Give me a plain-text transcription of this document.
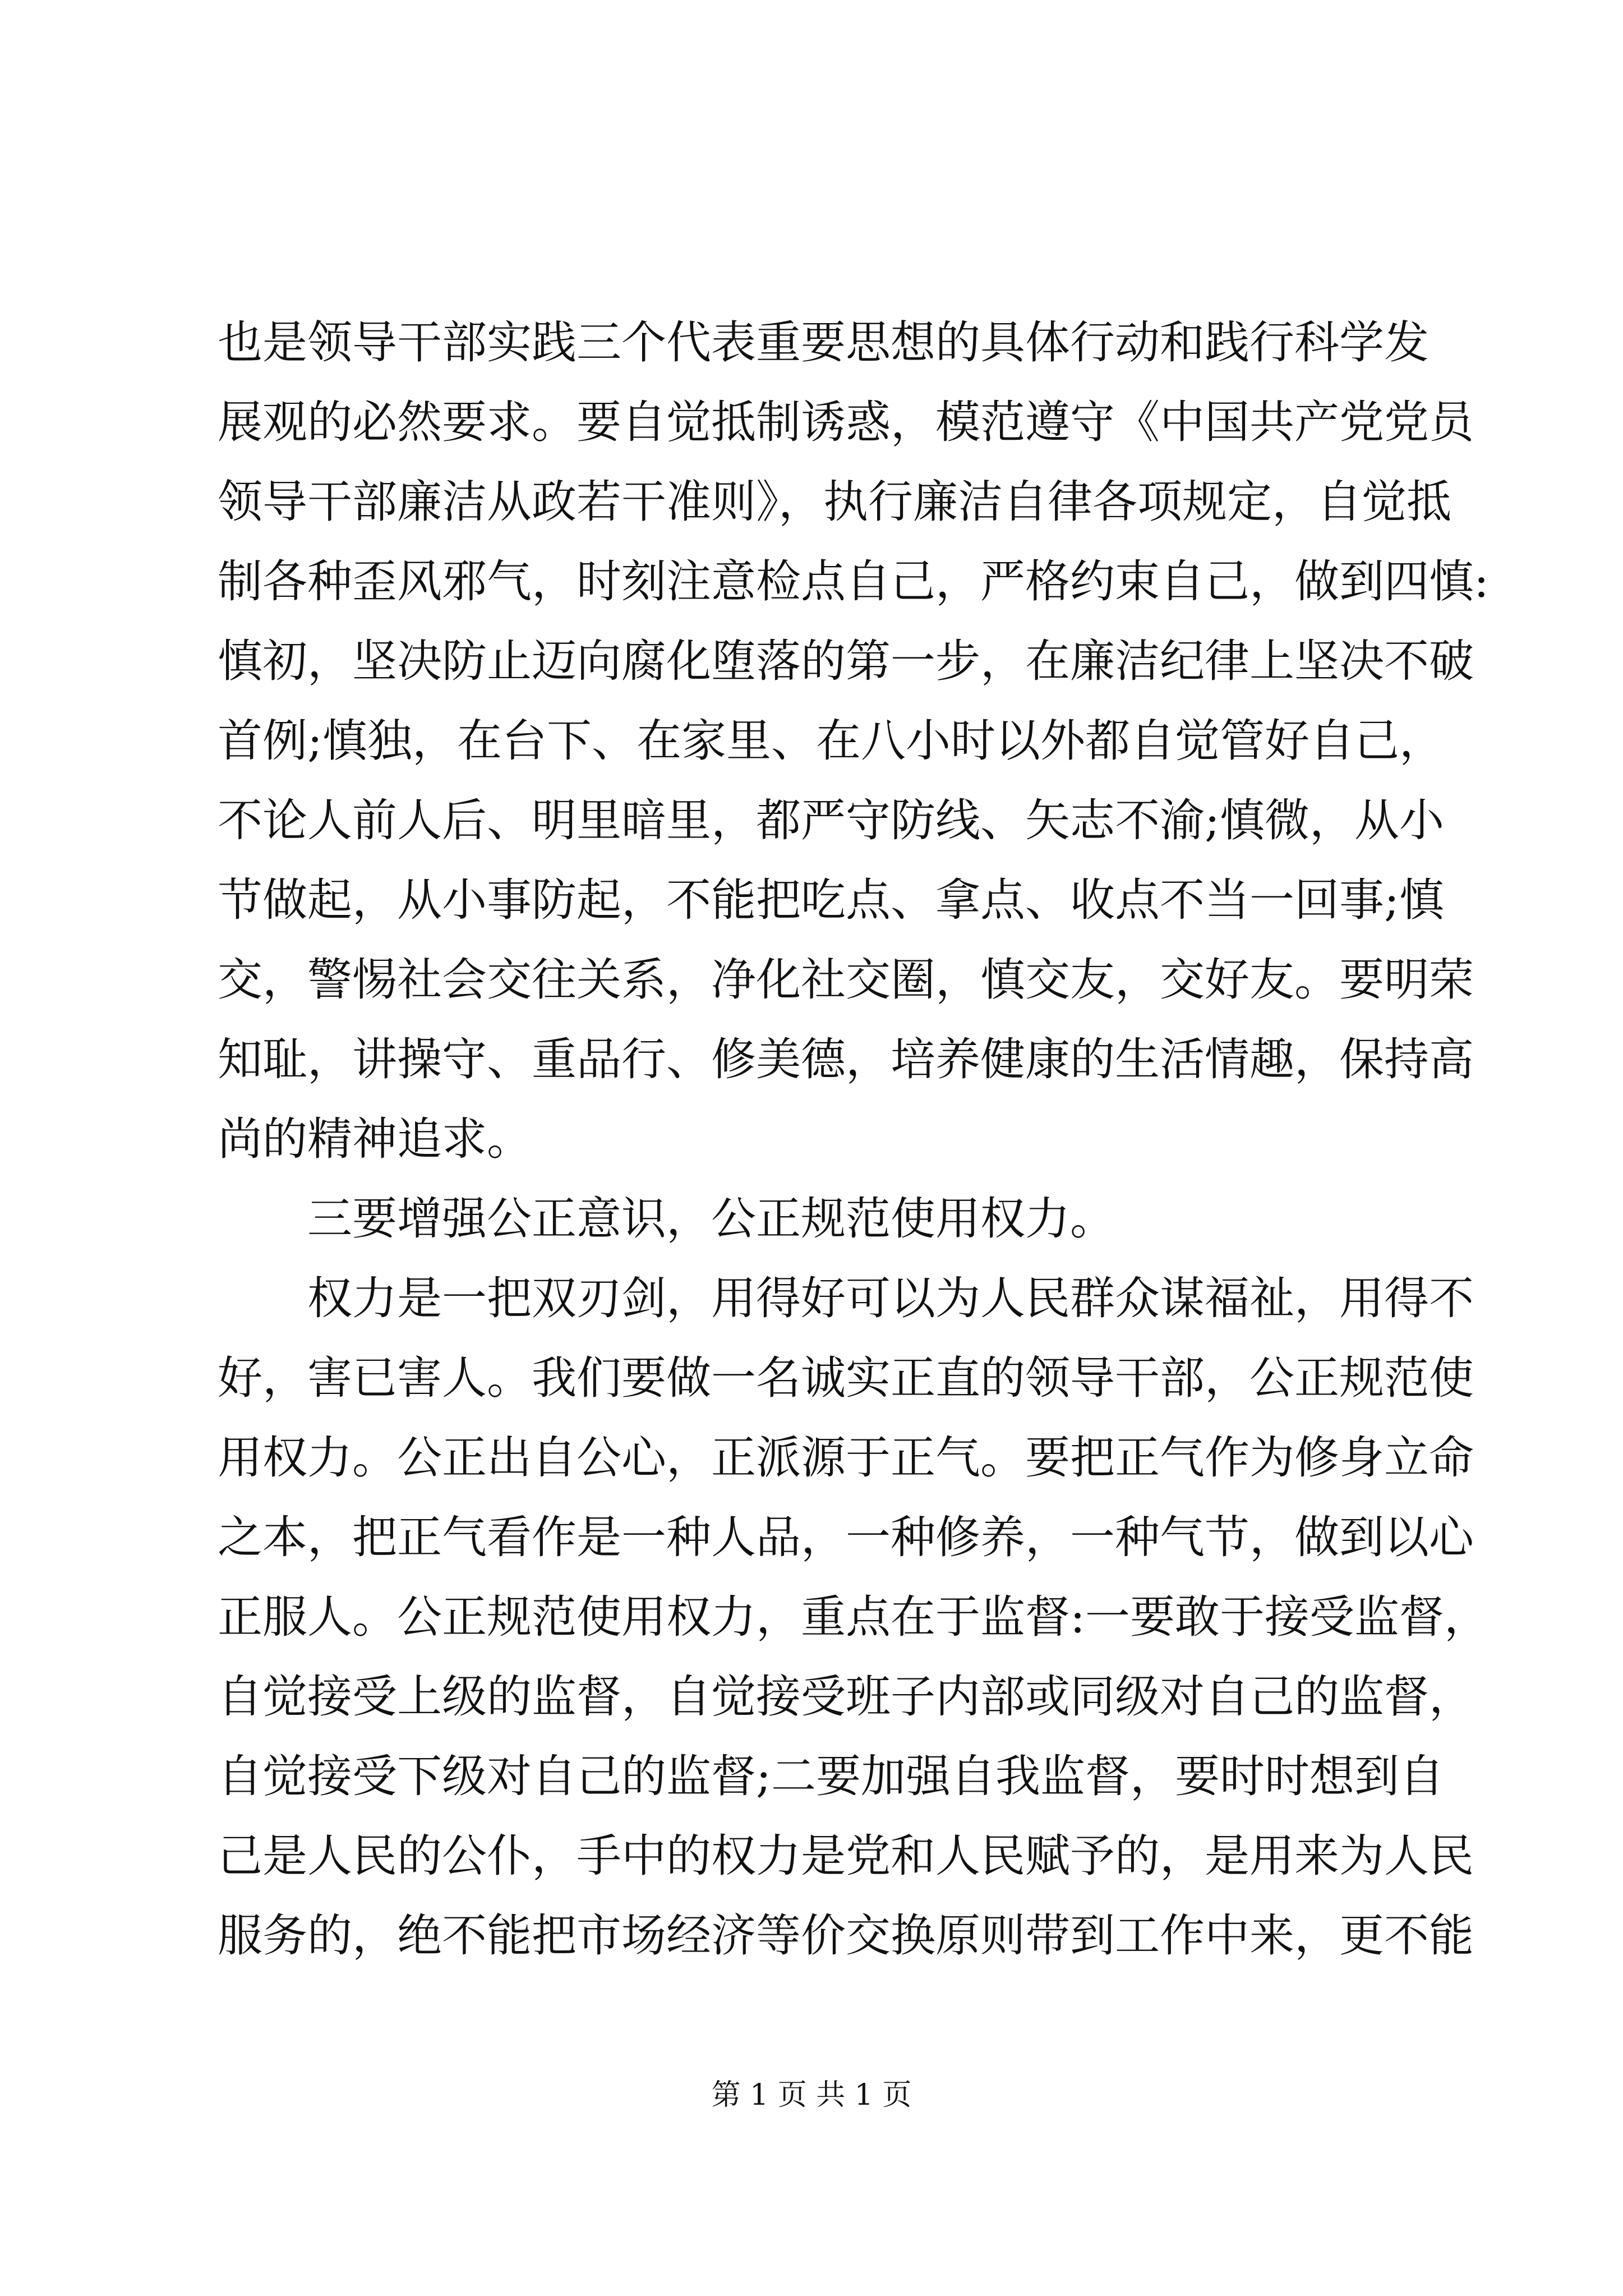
也是领导干部实践三个代表重要思想的具体行动和践行科学发
展观的必然要求。要自觉抵制诱惑，模范遵守《中国共产党党员
领导干部廉洁从政若干准则》，执行廉洁自律各项规定，自觉抵
制各种歪风邪气，时刻注意检点自己，严格约束自己，做到四慎:
慎初，坚决防止迈向腐化堕落的第一步，在廉洁纪律上坚决不破
首例;慎独，在台下、在家里、在八小时以外都自觉管好自己，
不论人前人后、明里暗里，都严守防线、矢志不渝;慎微，从小
节做起，从小事防起，不能把吃点、拿点、收点不当一回事;慎
交，警惕社会交往关系，净化社交圈，慎交友，交好友。要明荣
知耻，讲操守、重品行、修美德，培养健康的生活情趣，保持高
尚的精神追求。
三要增强公正意识，公正规范使用权力。
权力是一把双刃剑，用得好可以为人民群众谋福祉，用得不
好，害已害人。我们要做一名诚实正直的领导干部，公正规范使
用权力。公正出自公心，正派源于正气。要把正气作为修身立命
之本，把正气看作是一种人品，一种修养，一种气节，做到以心
正服人。公正规范使用权力，重点在于监督:一要敢于接受监督，
自觉接受上级的监督，自觉接受班子内部或同级对自己的监督，
自觉接受下级对自己的监督;二要加强自我监督，要时时想到自
己是人民的公仆，手中的权力是党和人民赋予的，是用来为人民
服务的，绝不能把市场经济等价交换原则带到工作中来，更不能
第 1 页 共 1 页
